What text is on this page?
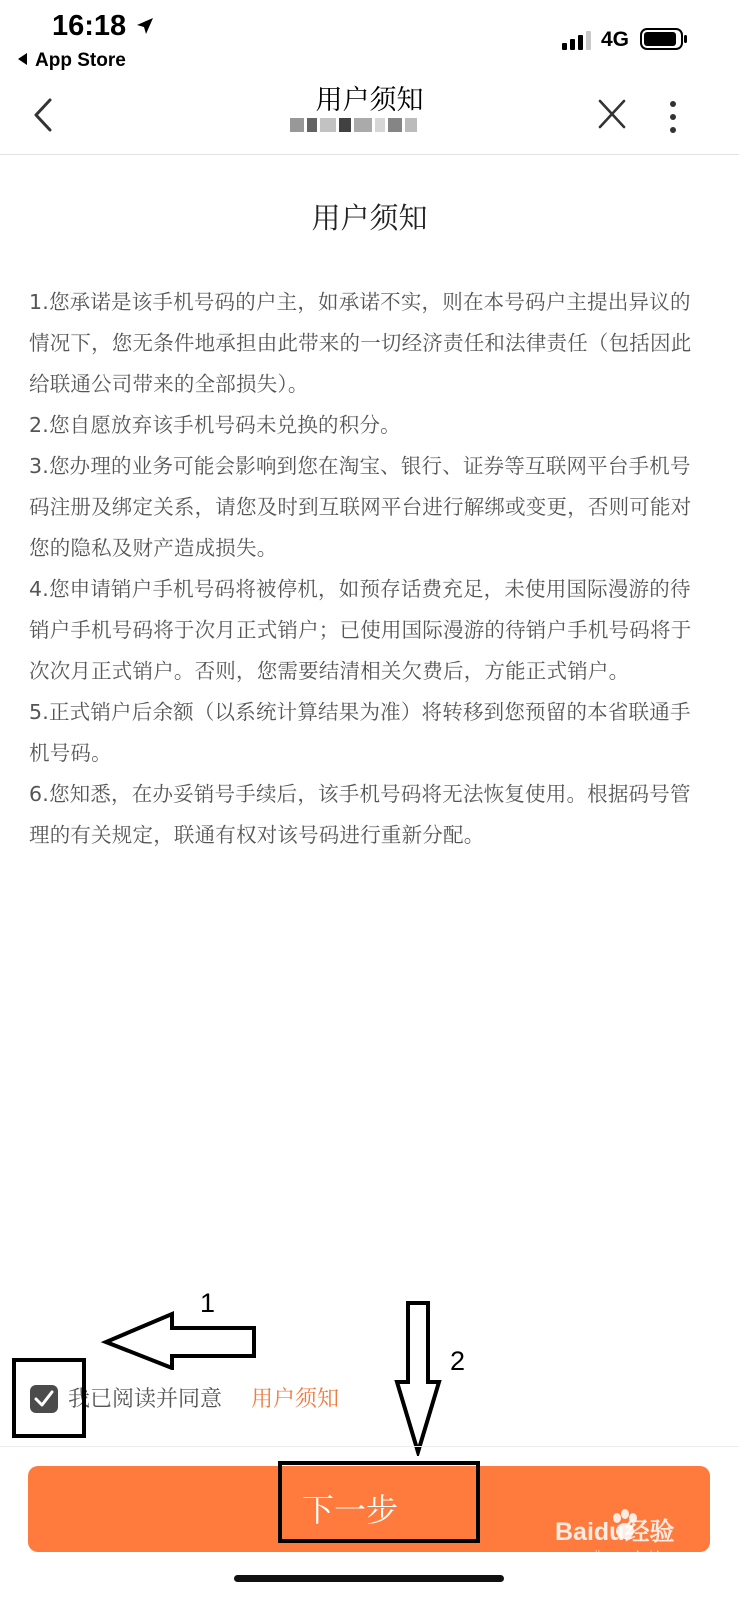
16:18
App Store
4G
用户须知
用户须知

1.您承诺是该手机号码的户主，如承诺不实，则在本号码户主提出异议的情况下，您无条件地承担由此带来的一切经济责任和法律责任（包括因此给联通公司带来的全部损失）。

2.您自愿放弃该手机号码未兑换的积分。

3.您办理的业务可能会影响到您在淘宝、银行、证券等互联网平台手机号码注册及绑定关系，请您及时到互联网平台进行解绑或变更，否则可能对您的隐私及财产造成损失。

4.您申请销户手机号码将被停机，如预存话费充足，未使用国际漫游的待销户手机号码将于次月正式销户；已使用国际漫游的待销户手机号码将于次次月正式销户。否则，您需要结清相关欠费后，方能正式销户。

5.正式销户后余额（以系统计算结果为准）将转移到您预留的本省联通手机号码。

6.您知悉，在办妥销号手续后，该手机号码将无法恢复使用。根据码号管理的有关规定，联通有权对该号码进行重新分配。

1
2
我已阅读并同意 用户须知
下一步
Baidu经验
jingyan.baidu.com
